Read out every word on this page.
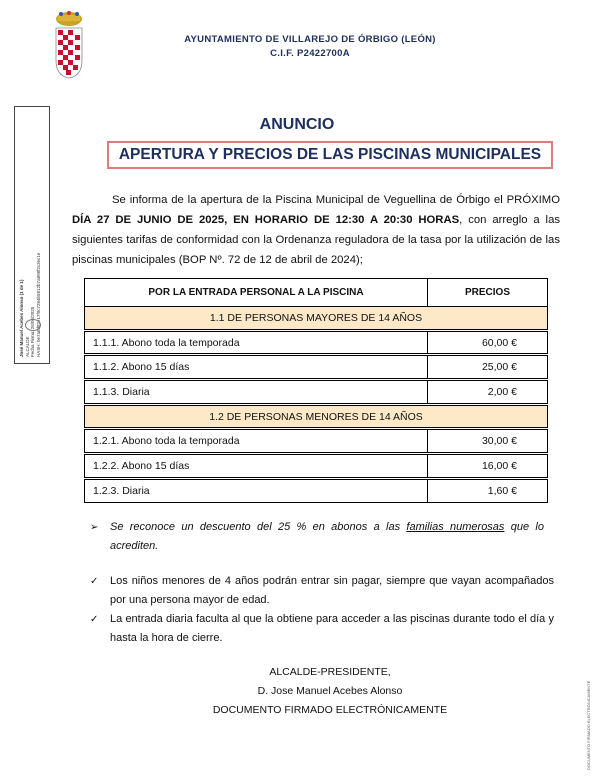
AYUNTAMIENTO DE VILLAREJO DE ÓRBIGO (LEÓN)
C.I.F. P2422700A
José Manuel Acebes Alonso (1 de 1) ALCALDE Fecha Firma: 26/06/2025 HASH: 0e7a6d82e17f9c7264b5812b7a898f2c3ec1e
DOCUMENTO FIRMADO ELECTRÓNICAMENTE
ANUNCIO
APERTURA Y PRECIOS DE LAS PISCINAS MUNICIPALES
Se informa de la apertura de la Piscina Municipal de Veguellina de Órbigo el PRÓXIMO DÍA 27 DE JUNIO DE 2025, EN HORARIO DE 12:30 A 20:30 HORAS, con arreglo a las siguientes tarifas de conformidad con la Ordenanza reguladora de la tasa por la utilización de las piscinas municipales (BOP Nº. 72 de 12 de abril de 2024);
POR LA ENTRADA PERSONAL A LA PISCINA	PRECIOS
1.1 DE PERSONAS MAYORES DE 14 AÑOS	

1.1.1. Abono toda la temporada	60,00 €

1.1.2. Abono 15 días	25,00 €

1.1.3. Diaria	2,00 €

1.2 DE PERSONAS MENORES DE 14 AÑOS	

1.2.1. Abono toda la temporada	30,00 €

1.2.2. Abono 15 días	16,00 €

1.2.3. Diaria	1,60 €
➢ Se reconoce un descuento del 25 % en abonos a las familias numerosas que lo acrediten.
✓ Los niños menores de 4 años podrán entrar sin pagar, siempre que vayan acompañados por una persona mayor de edad.
✓ La entrada diaria faculta al que la obtiene para acceder a las piscinas durante todo el día y hasta la hora de cierre.
ALCALDE-PRESIDENTE,
D. Jose Manuel Acebes Alonso
DOCUMENTO FIRMADO ELECTRÓNICAMENTE
